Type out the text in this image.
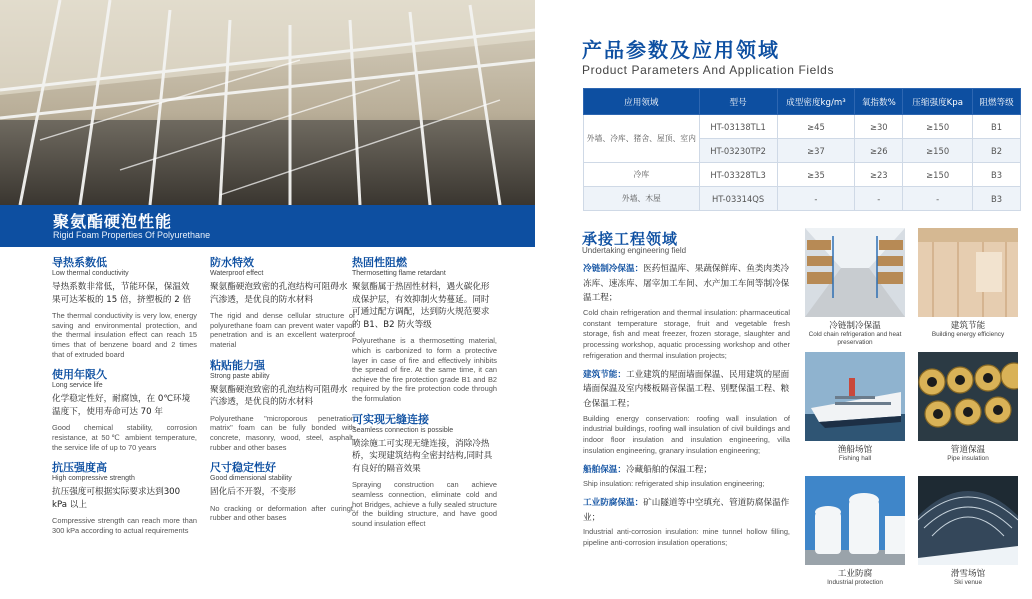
聚氨酯硬泡性能
Rigid Foam Properties Of Polyurethane
导热系数低
Low thermal conductivity
导热系数非常低，节能环保，保温效果可达苯板的 15 倍，挤塑板的 2 倍
The thermal conductivity is very low, energy saving and environmental protection, and the thermal insulation effect can reach 15 times that of benzene board and 2 times that of extruded board
使用年限久
Long service life
化学稳定性好，耐腐蚀，在 0℃环境温度下，使用寿命可达 70 年
Good chemical stability, corrosion resistance, at 50℃ ambient temperature, the service life of up to 70 years
抗压强度高
High compressive strength
抗压强度可根据实际要求达到300 kPa 以上
Compressive strength can reach more than 300 kPa according to actual requirements
防水特效
Waterproof effect
聚氨酯硬泡致密的孔泡结构可阻碍水汽渗透，是优良的防水材料
The rigid and dense cellular structure of polyurethane foam can prevent water vapor penetration and is an excellent waterproof material
粘贴能力强
Strong paste ability
聚氨酯硬泡致密的孔泡结构可阻碍水汽渗透，是优良的防水材料
Polyurethane "microporous penetration matrix" foam can be fully bonded with concrete, masonry, wood, steel, asphalt, rubber and other bases
尺寸稳定性好
Good dimensional stability
固化后不开裂，不变形
No cracking or deformation after curingt, rubber and other bases
热固性阻燃
Thermosetting flame retardant
聚氨酯属于热固性材料，遇火碳化形成保护层，有效抑制火势蔓延。同时可通过配方调配，达到防火规范要求的 B1、B2 防火等级
Polyurethane is a thermosetting material, which is carbonized to form a protective layer in case of fire and effectively inhibits the spread of fire. At the same time, it can achieve the fire protection grade B1 and B2 required by the fire protection code through the formulation
可实现无缝连接
Seamless connection is possible
喷涂施工可实现无缝连接，消除冷热桥，实现建筑结构全密封结构,同时具有良好的隔音效果
Spraying construction can achieve seamless connection, eliminate cold and hot Bridges, achieve a fully sealed structure of the building structure, and have good sound insulation effect
产品参数及应用领域
Product Parameters And Application Fields
应用领域	型号	成型密度kg/m³	氧指数%	压缩强度Kpa	阻燃等级
外墙、冷库、猪舍、屋顶、室内	HT-03138TL1	≥45	≥30	≥150	B1
	HT-03230TP2	≥37	≥26	≥150	B2
冷库	HT-03328TL3	≥35	≥23	≥150	B3
外墙、木屋	HT-03314QS	-	-	-	B3
承接工程领域
Undertaking engineering field
冷链制冷保温：医药恒温库、果蔬保鲜库、鱼类肉类冷冻库、速冻库、屠宰加工车间、水产加工车间等制冷保温工程；
Cold chain refrigeration and thermal insulation: pharmaceutical constant temperature storage, fruit and vegetable fresh storage, fish and meat freezer, frozen storage, slaughter and processing workshop, aquatic processing workshop and other refrigeration and thermal insulation projects;
建筑节能：工业建筑的屋面墙面保温、民用建筑的屋面墙面保温及室内楼板隔音保温工程、别墅保温工程、粮仓保温工程；
Building energy conservation: roofing wall insulation of industrial buildings, roofing wall insulation of civil buildings and indoor floor insulation and insulation engineering, villa insulation engineering, granary insulation engineering;
船舶保温：冷藏船舶的保温工程；
Ship insulation: refrigerated ship insulation engineering;
工业防腐保温：矿山隧道等中空填充、管道防腐保温作业；
Industrial anti-corrosion insulation: mine tunnel hollow filling, pipeline anti-corrosion insulation operations;
冷链制冷保温
Cold chain refrigeration and heat preservation
建筑节能
Building energy efficiency
渔船场馆
Fishing hall
管道保温
Pipe insulation
工业防腐
Industrial protection
滑雪场馆
Ski venue
